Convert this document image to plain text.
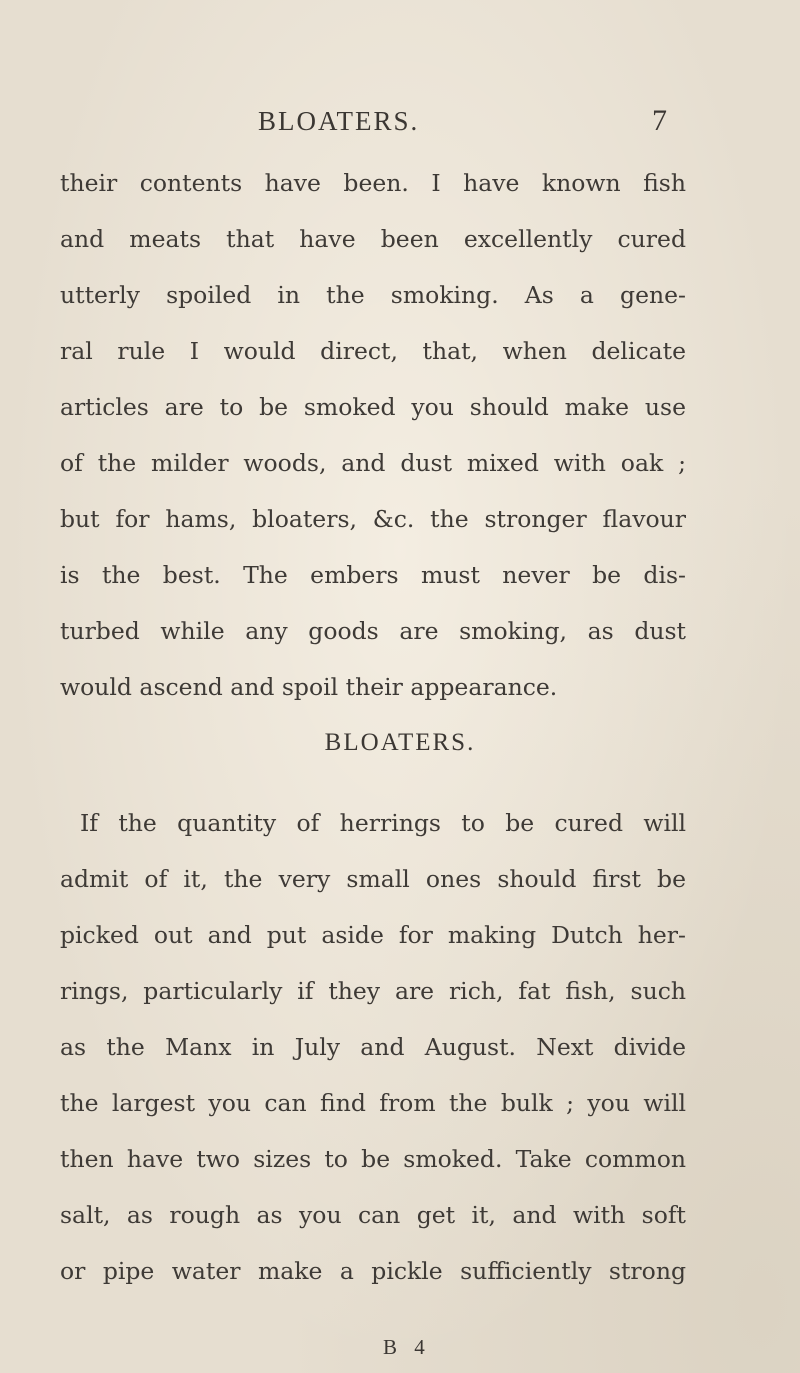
BLOATERS.	7
their contents have been. I have known fish
and meats that have been excellently cured
utterly spoiled in the smoking. As a gene-
ral rule I would direct, that, when delicate
articles are to be smoked you should make use
of the milder woods, and dust mixed with oak ;
but for hams, bloaters, &c. the stronger flavour
is the best. The embers must never be dis-
turbed while any goods are smoking, as dust
would ascend and spoil their appearance.
BLOATERS.
If the quantity of herrings to be cured will
admit of it, the very small ones should first be
picked out and put aside for making Dutch her-
rings, particularly if they are rich, fat fish, such
as the Manx in July and August. Next divide
the largest you can find from the bulk ; you will
then have two sizes to be smoked. Take common
salt, as rough as you can get it, and with soft
or pipe water make a pickle sufficiently strong
B 4
